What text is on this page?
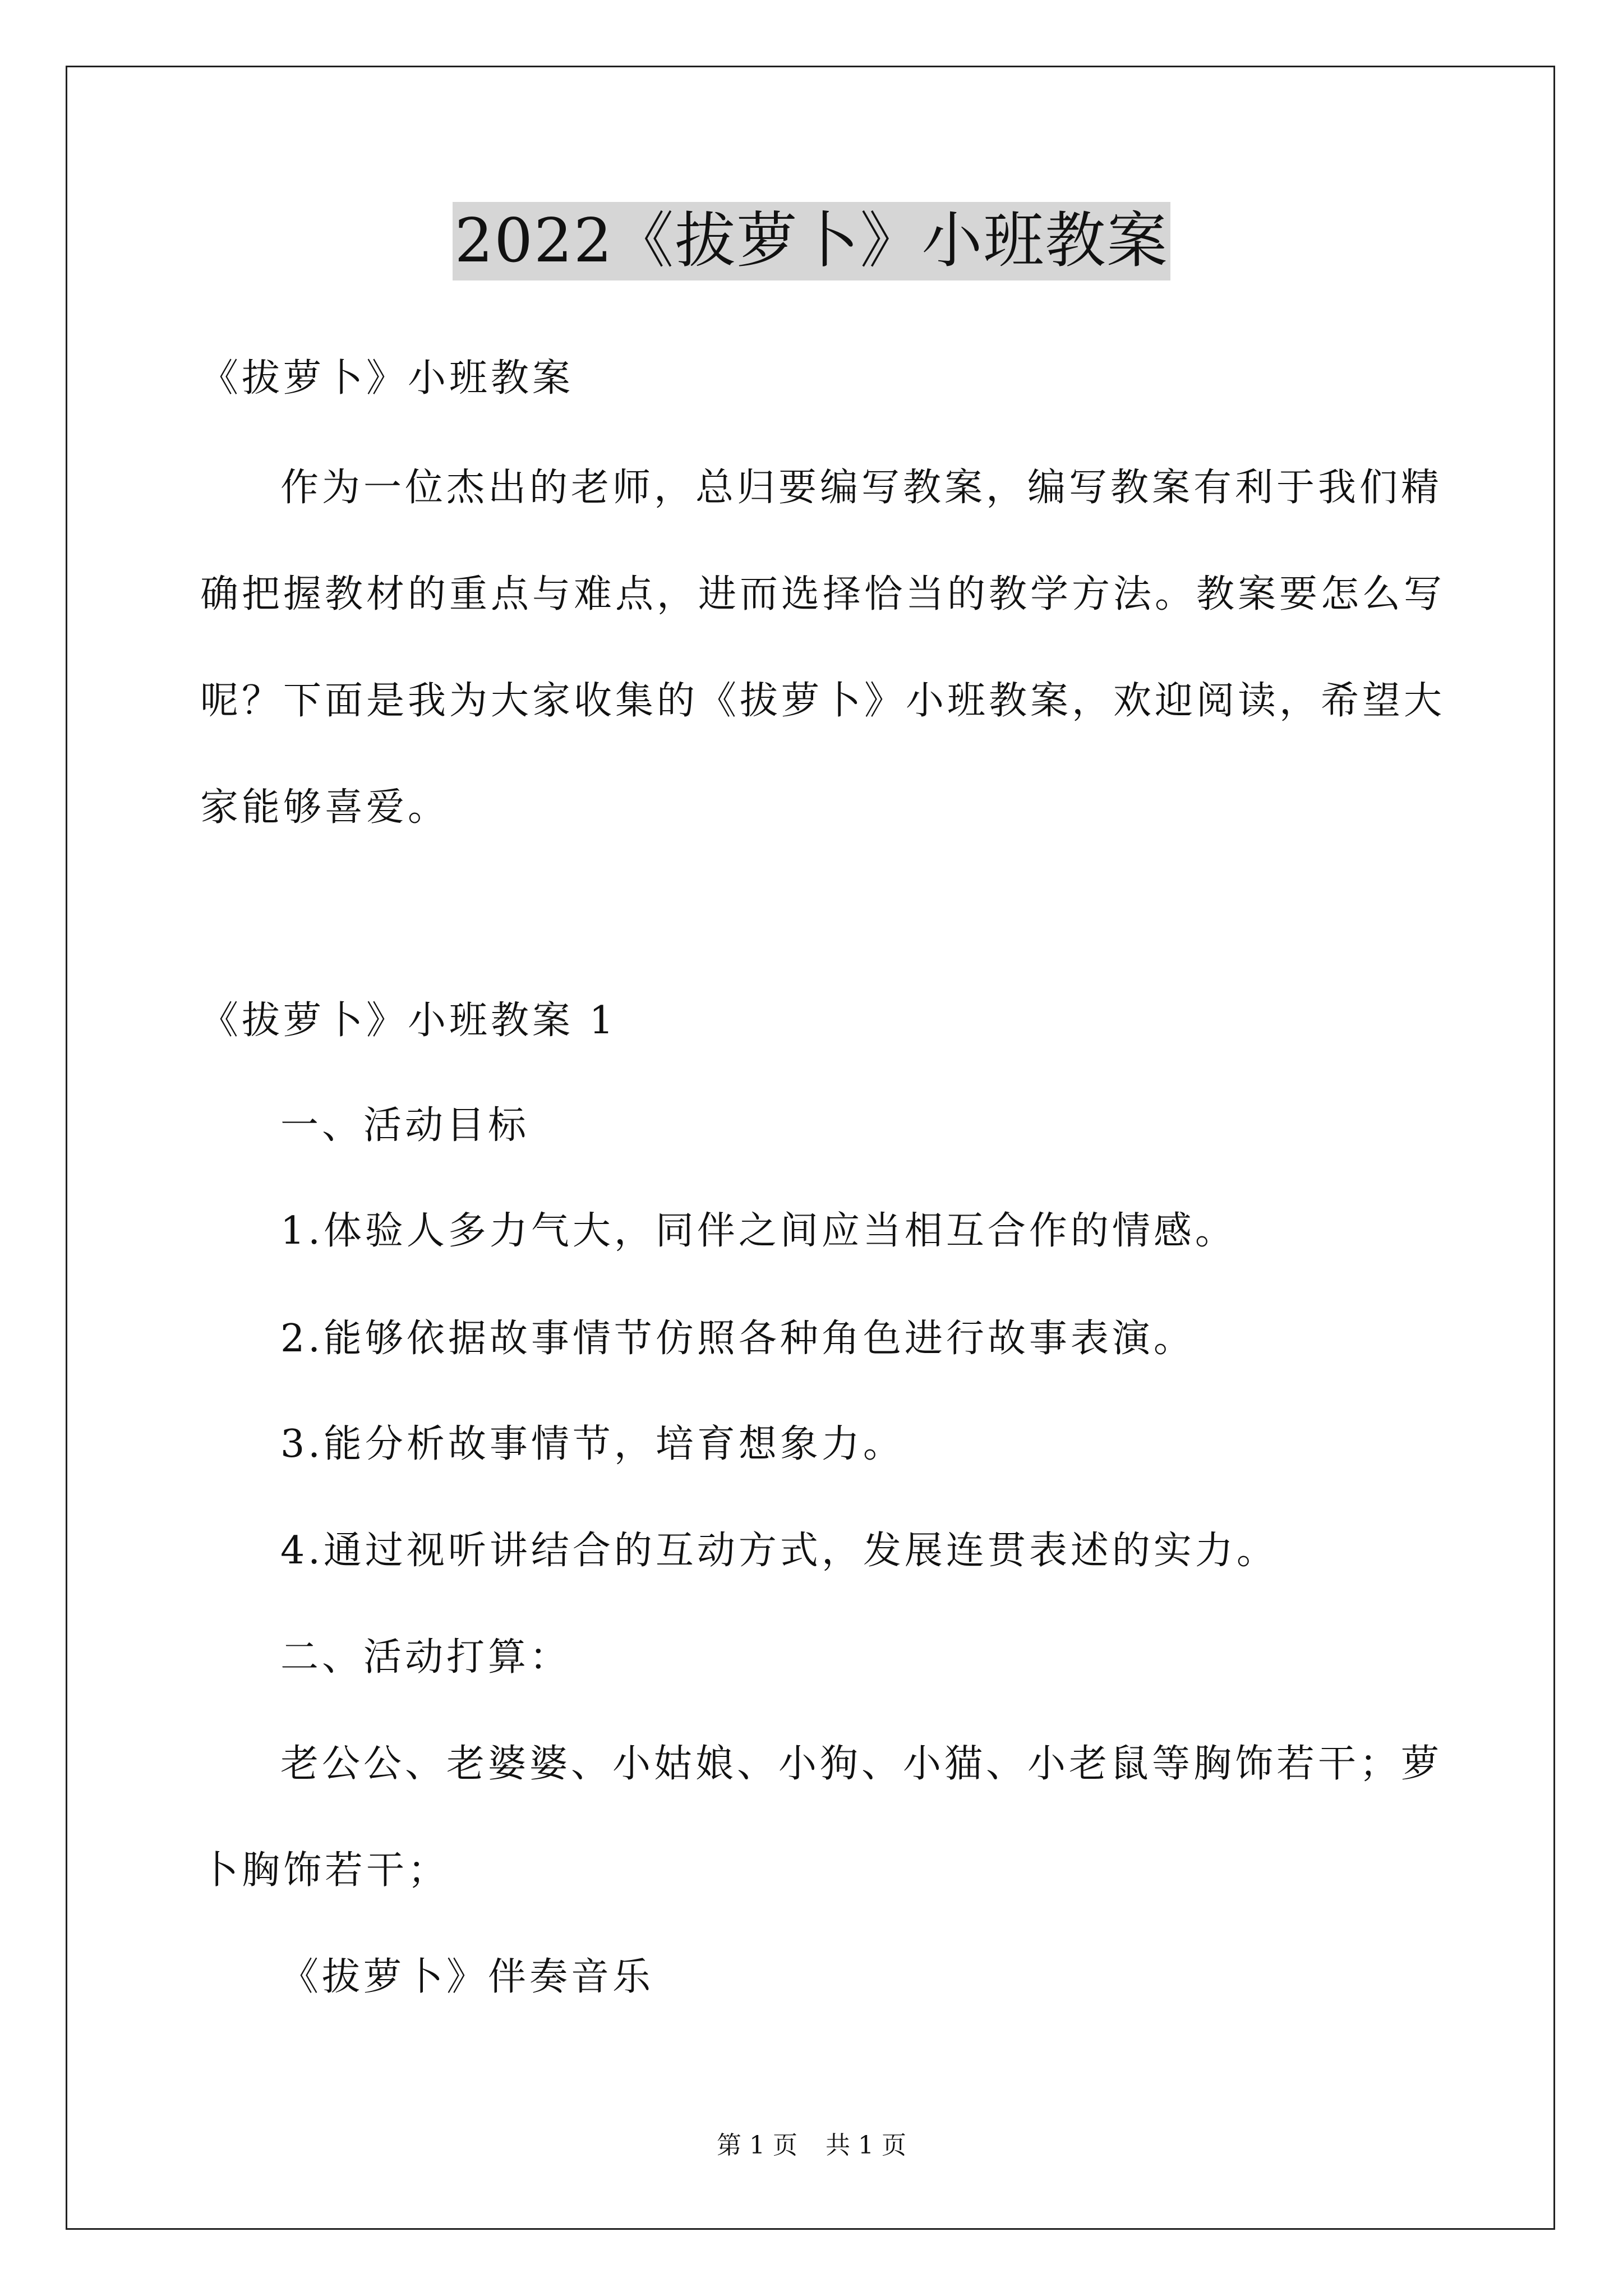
2022《拔萝卜》小班教案
《拔萝卜》小班教案
作为一位杰出的老师，总归要编写教案，编写教案有利于我们精
确把握教材的重点与难点，进而选择恰当的教学方法。教案要怎么写
呢？下面是我为大家收集的《拔萝卜》小班教案，欢迎阅读，希望大
家能够喜爱。
《拔萝卜》小班教案 1
一、活动目标
1.体验人多力气大，同伴之间应当相互合作的情感。
2.能够依据故事情节仿照各种角色进行故事表演。
3.能分析故事情节，培育想象力。
4.通过视听讲结合的互动方式，发展连贯表述的实力。
二、活动打算：
老公公、老婆婆、小姑娘、小狗、小猫、小老鼠等胸饰若干；萝
卜胸饰若干；
《拔萝卜》伴奏音乐
第 1 页 共 1 页
